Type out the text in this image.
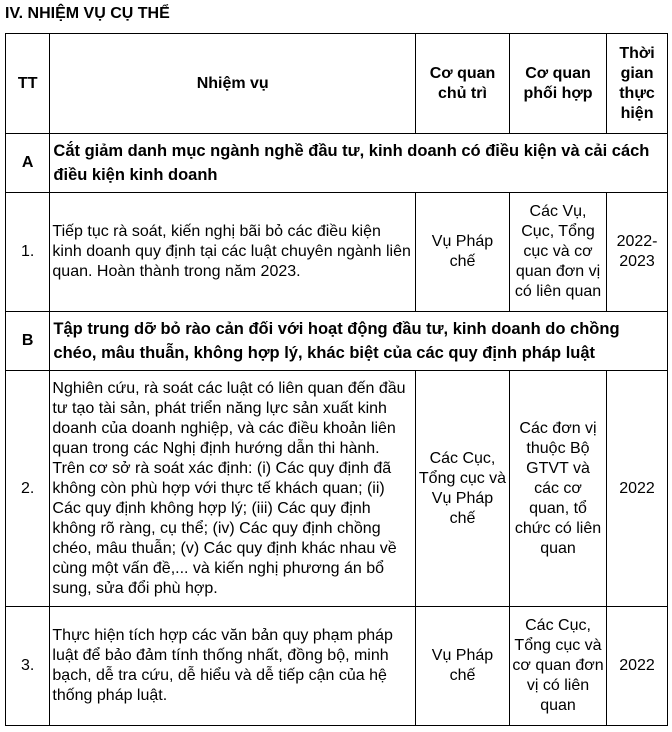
IV. NHIỆM VỤ CỤ THỂ
TT	Nhiệm vụ	Cơ quan chủ trì	Cơ quan phối hợp	Thời gian thực hiện
A	Cắt giảm danh mục ngành nghề đầu tư, kinh doanh có điều kiện và cải cách điều kiện kinh doanh			
1.	Tiếp tục rà soát, kiến nghị bãi bỏ các điều kiện kinh doanh quy định tại các luật chuyên ngành liên quan. Hoàn thành trong năm 2023.	Vụ Pháp chế	Các Vụ, Cục, Tổng cục và cơ quan đơn vị có liên quan	2022-2023
B	Tập trung dỡ bỏ rào cản đối với hoạt động đầu tư, kinh doanh do chồng chéo, mâu thuẫn, không hợp lý, khác biệt của các quy định pháp luật			
2.	Nghiên cứu, rà soát các luật có liên quan đến đầu tư tạo tài sản, phát triển năng lực sản xuất kinh doanh của doanh nghiệp, và các điều khoản liên quan trong các Nghị định hướng dẫn thi hành. Trên cơ sở rà soát xác định: (i) Các quy định đã không còn phù hợp với thực tế khách quan; (ii) Các quy định không hợp lý; (iii) Các quy định không rõ ràng, cụ thể; (iv) Các quy định chồng chéo, mâu thuẫn; (v) Các quy định khác nhau về cùng một vấn đề,... và kiến nghị phương án bổ sung, sửa đổi phù hợp.	Các Cục, Tổng cục và Vụ Pháp chế	Các đơn vị thuộc Bộ GTVT và các cơ quan, tổ chức có liên quan	2022
3.	Thực hiện tích hợp các văn bản quy phạm pháp luật để bảo đảm tính thống nhất, đồng bộ, minh bạch, dễ tra cứu, dễ hiểu và dễ tiếp cận của hệ thống pháp luật.	Vụ Pháp chế	Các Cục, Tổng cục và cơ quan đơn vị có liên quan	2022
